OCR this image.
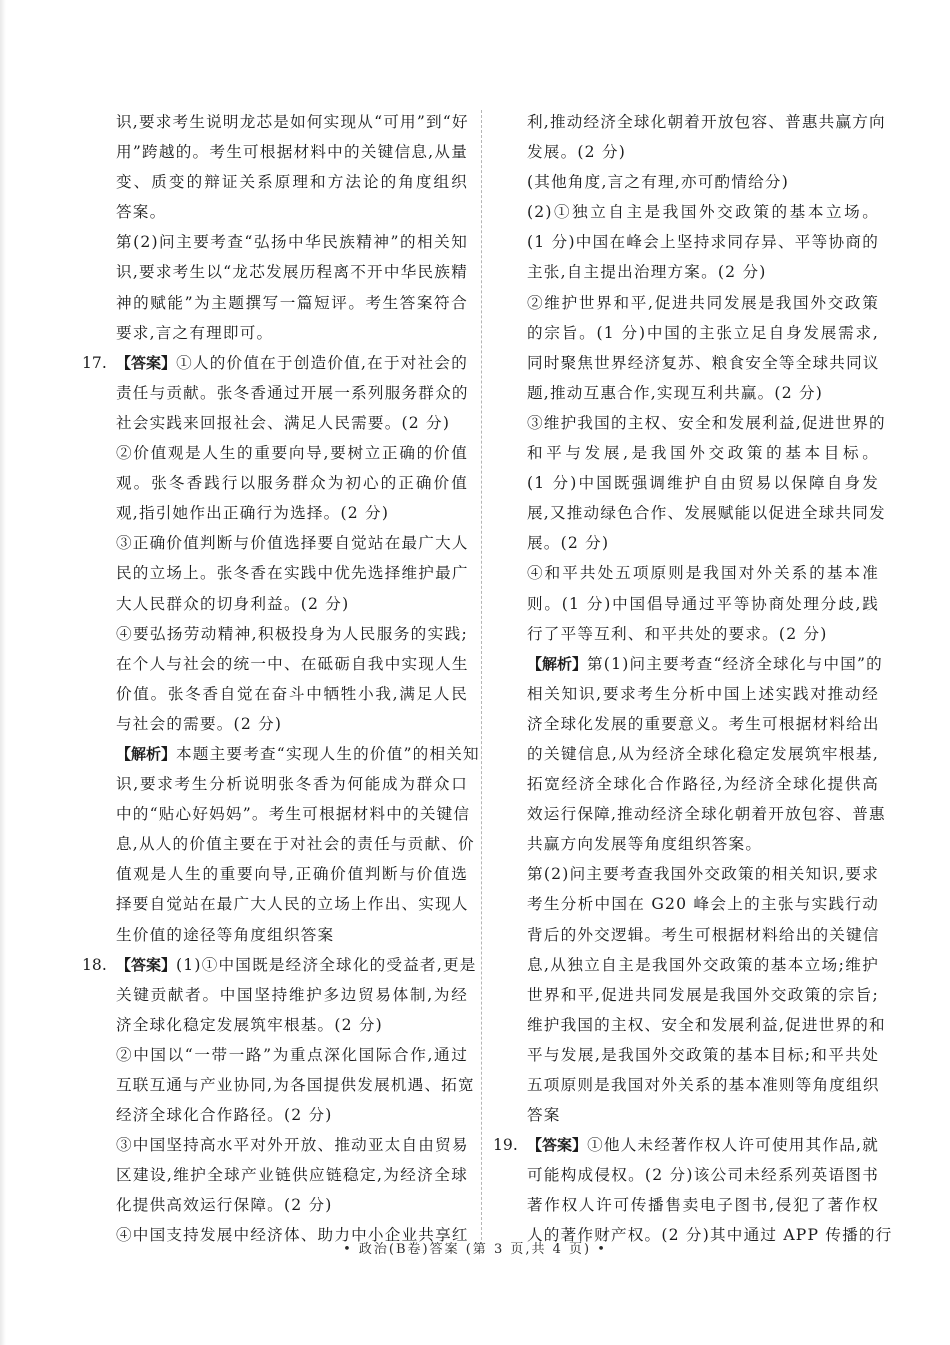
识,要求考生说明龙芯是如何实现从“可用”到“好
用”跨越的。考生可根据材料中的关键信息,从量
变、质变的辩证关系原理和方法论的角度组织
答案。
第(2)问主要考查“弘扬中华民族精神”的相关知
识,要求考生以“龙芯发展历程离不开中华民族精
神的赋能”为主题撰写一篇短评。考生答案符合
要求,言之有理即可。
17. 【答案】①人的价值在于创造价值,在于对社会的
责任与贡献。张冬香通过开展一系列服务群众的
社会实践来回报社会、满足人民需要。(2 分)
②价值观是人生的重要向导,要树立正确的价值
观。张冬香践行以服务群众为初心的正确价值
观,指引她作出正确行为选择。(2 分)
③正确价值判断与价值选择要自觉站在最广大人
民的立场上。张冬香在实践中优先选择维护最广
大人民群众的切身利益。(2 分)
④要弘扬劳动精神,积极投身为人民服务的实践;
在个人与社会的统一中、在砥砺自我中实现人生
价值。张冬香自觉在奋斗中牺牲小我,满足人民
与社会的需要。(2 分)
【解析】本题主要考查“实现人生的价值”的相关知
识,要求考生分析说明张冬香为何能成为群众口
中的“贴心好妈妈”。考生可根据材料中的关键信
息,从人的价值主要在于对社会的责任与贡献、价
值观是人生的重要向导,正确价值判断与价值选
择要自觉站在最广大人民的立场上作出、实现人
生价值的途径等角度组织答案
18. 【答案】(1)①中国既是经济全球化的受益者,更是
关键贡献者。中国坚持维护多边贸易体制,为经
济全球化稳定发展筑牢根基。(2 分)
②中国以“一带一路”为重点深化国际合作,通过
互联互通与产业协同,为各国提供发展机遇、拓宽
经济全球化合作路径。(2 分)
③中国坚持高水平对外开放、推动亚太自由贸易
区建设,维护全球产业链供应链稳定,为经济全球
化提供高效运行保障。(2 分)
④中国支持发展中经济体、助力中小企业共享红
利,推动经济全球化朝着开放包容、普惠共赢方向
发展。(2 分)
(其他角度,言之有理,亦可酌情给分)
(2)①独立自主是我国外交政策的基本立场。
(1 分)中国在峰会上坚持求同存异、平等协商的
主张,自主提出治理方案。(2 分)
②维护世界和平,促进共同发展是我国外交政策
的宗旨。(1 分)中国的主张立足自身发展需求,
同时聚焦世界经济复苏、粮食安全等全球共同议
题,推动互惠合作,实现互利共赢。(2 分)
③维护我国的主权、安全和发展利益,促进世界的
和平与发展,是我国外交政策的基本目标。
(1 分)中国既强调维护自由贸易以保障自身发
展,又推动绿色合作、发展赋能以促进全球共同发
展。(2 分)
④和平共处五项原则是我国对外关系的基本准
则。(1 分)中国倡导通过平等协商处理分歧,践
行了平等互利、和平共处的要求。(2 分)
【解析】第(1)问主要考查“经济全球化与中国”的
相关知识,要求考生分析中国上述实践对推动经
济全球化发展的重要意义。考生可根据材料给出
的关键信息,从为经济全球化稳定发展筑牢根基,
拓宽经济全球化合作路径,为经济全球化提供高
效运行保障,推动经济全球化朝着开放包容、普惠
共赢方向发展等角度组织答案。
第(2)问主要考查我国外交政策的相关知识,要求
考生分析中国在 G20 峰会上的主张与实践行动
背后的外交逻辑。考生可根据材料给出的关键信
息,从独立自主是我国外交政策的基本立场;维护
世界和平,促进共同发展是我国外交政策的宗旨;
维护我国的主权、安全和发展利益,促进世界的和
平与发展,是我国外交政策的基本目标;和平共处
五项原则是我国对外关系的基本准则等角度组织
答案
19. 【答案】①他人未经著作权人许可使用其作品,就
可能构成侵权。(2 分)该公司未经系列英语图书
著作权人许可传播售卖电子图书,侵犯了著作权
人的著作财产权。(2 分)其中通过 APP 传播的行
• 政治(B卷)答案 (第 3 页,共 4 页) •
